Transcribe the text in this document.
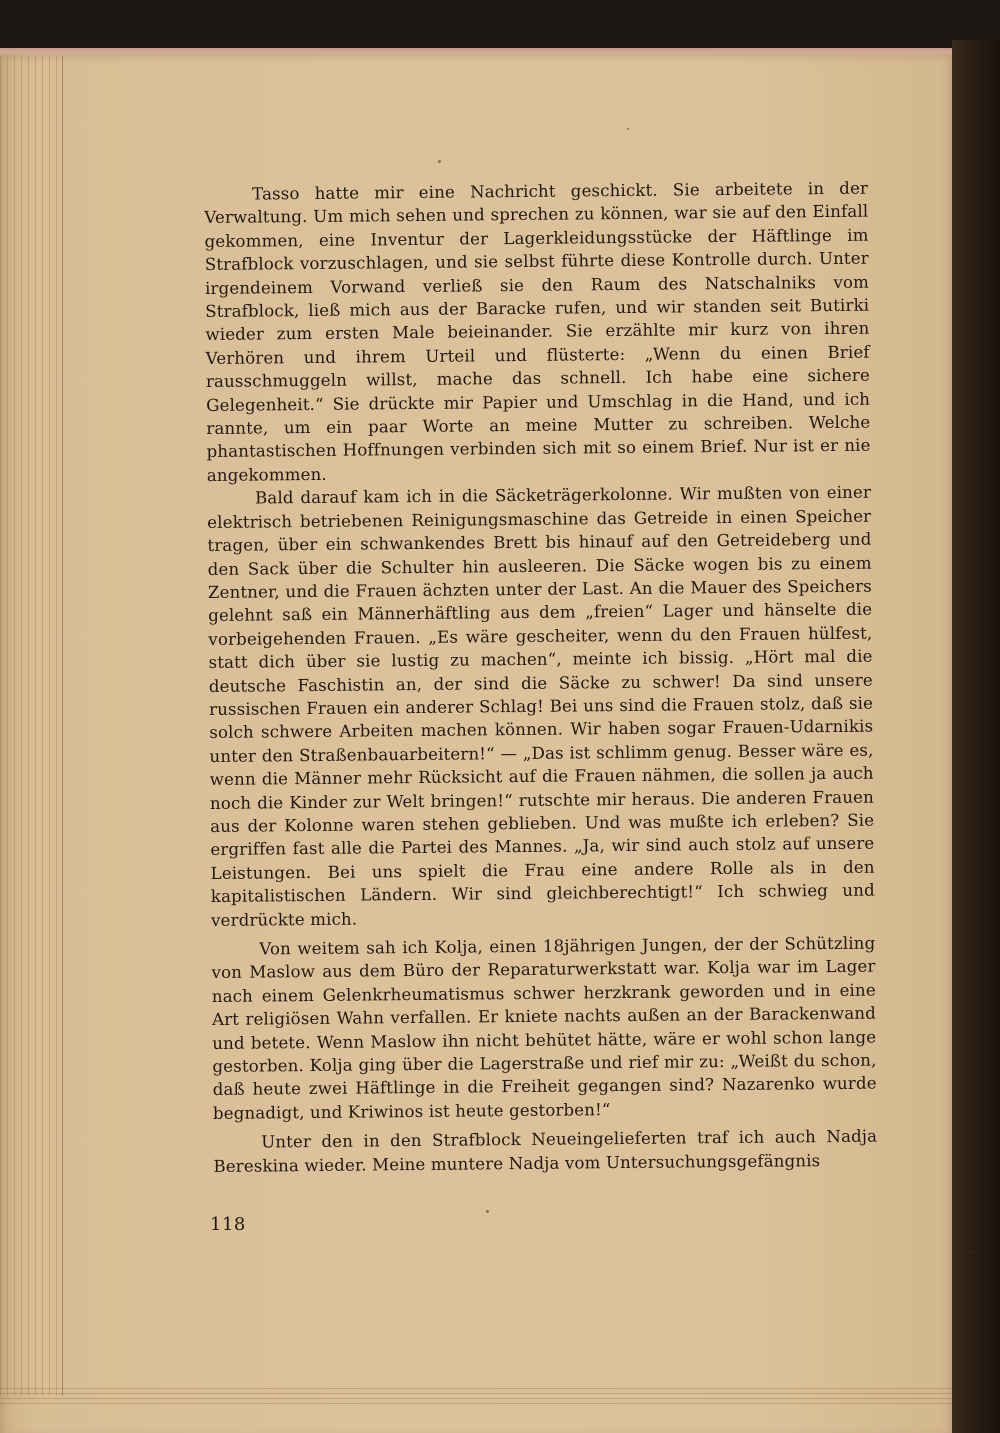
Tasso hatte mir eine Nachricht geschickt. Sie arbeitete in der Verwaltung. Um mich sehen und sprechen zu können, war sie auf den Einfall gekommen, eine Inventur der Lagerkleidungsstücke der Häftlinge im Strafblock vorzuschlagen, und sie selbst führte diese Kontrolle durch. Unter irgendeinem Vorwand verließ sie den Raum des Natschalniks vom Strafblock, ließ mich aus der Baracke rufen, und wir standen seit Butirki wieder zum ersten Male beieinander. Sie erzählte mir kurz von ihren Verhören und ihrem Urteil und flüsterte: „Wenn du einen Brief rausschmuggeln willst, mache das schnell. Ich habe eine sichere Gelegenheit.“ Sie drückte mir Papier und Umschlag in die Hand, und ich rannte, um ein paar Worte an meine Mutter zu schreiben. Welche phantastischen Hoffnungen verbinden sich mit so einem Brief. Nur ist er nie angekommen.

Bald darauf kam ich in die Säcketrägerkolonne. Wir mußten von einer elektrisch betriebenen Reinigungsmaschine das Getreide in einen Speicher tragen, über ein schwankendes Brett bis hinauf auf den Getreideberg und den Sack über die Schulter hin ausleeren. Die Säcke wogen bis zu einem Zentner, und die Frauen ächzten unter der Last. An die Mauer des Speichers gelehnt saß ein Männerhäftling aus dem „freien“ Lager und hänselte die vorbeigehenden Frauen. „Es wäre gescheiter, wenn du den Frauen hülfest, statt dich über sie lustig zu machen“, meinte ich bissig. „Hört mal die deutsche Faschistin an, der sind die Säcke zu schwer! Da sind unsere russischen Frauen ein anderer Schlag! Bei uns sind die Frauen stolz, daß sie solch schwere Arbeiten machen können. Wir haben sogar Frauen-Udarnikis unter den Straßenbauarbeitern!“ — „Das ist schlimm genug. Besser wäre es, wenn die Männer mehr Rücksicht auf die Frauen nähmen, die sollen ja auch noch die Kinder zur Welt bringen!“ rutschte mir heraus. Die anderen Frauen aus der Kolonne waren stehen geblieben. Und was mußte ich erleben? Sie ergriffen fast alle die Partei des Mannes. „Ja, wir sind auch stolz auf unsere Leistungen. Bei uns spielt die Frau eine andere Rolle als in den kapitalistischen Ländern. Wir sind gleichberechtigt!“ Ich schwieg und verdrückte mich.

Von weitem sah ich Kolja, einen 18jährigen Jungen, der der Schützling von Maslow aus dem Büro der Reparaturwerkstatt war. Kolja war im Lager nach einem Gelenkrheumatismus schwer herzkrank geworden und in eine Art religiösen Wahn verfallen. Er kniete nachts außen an der Barackenwand und betete. Wenn Maslow ihn nicht behütet hätte, wäre er wohl schon lange gestorben. Kolja ging über die Lagerstraße und rief mir zu: „Weißt du schon, daß heute zwei Häftlinge in die Freiheit gegangen sind? Nazarenko wurde begnadigt, und Kriwinos ist heute gestorben!“

Unter den in den Strafblock Neueingelieferten traf ich auch Nadja Bereskina wieder. Meine muntere Nadja vom Untersuchungsgefängnis

118
